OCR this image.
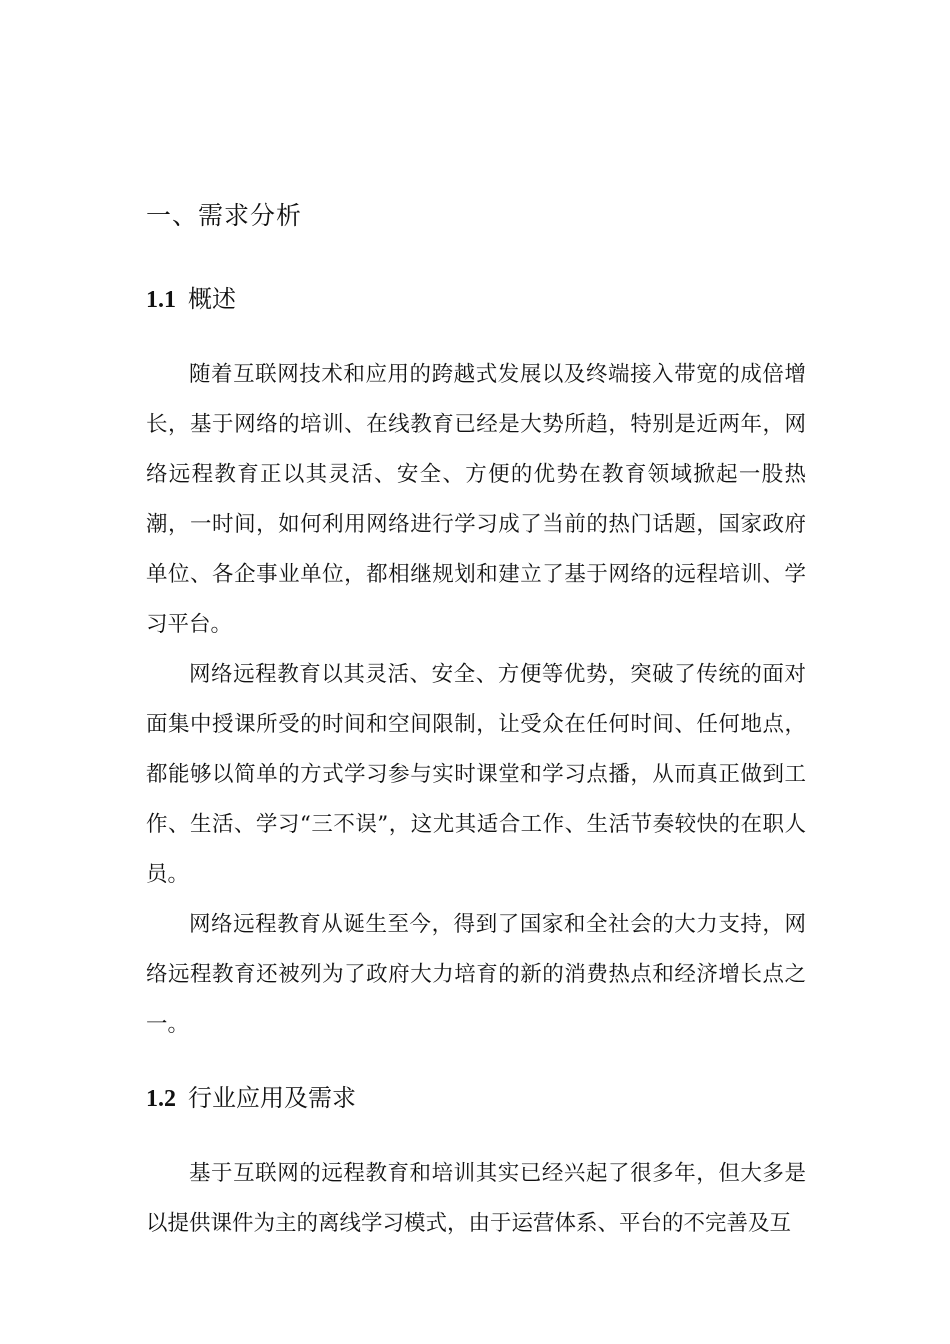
一、需求分析
1.1 概述

随着互联网技术和应用的跨越式发展以及终端接入带宽的成倍增长，基于网络的培训、在线教育已经是大势所趋，特别是近两年，网络远程教育正以其灵活、安全、方便的优势在教育领域掀起一股热潮，一时间，如何利用网络进行学习成了当前的热门话题，国家政府单位、各企事业单位，都相继规划和建立了基于网络的远程培训、学习平台。

网络远程教育以其灵活、安全、方便等优势，突破了传统的面对面集中授课所受的时间和空间限制，让受众在任何时间、任何地点，都能够以简单的方式学习参与实时课堂和学习点播，从而真正做到工作、生活、学习“三不误”，这尤其适合工作、生活节奏较快的在职人员。

网络远程教育从诞生至今，得到了国家和全社会的大力支持，网络远程教育还被列为了政府大力培育的新的消费热点和经济增长点之一。

1.2 行业应用及需求

基于互联网的远程教育和培训其实已经兴起了很多年，但大多是以提供课件为主的离线学习模式，由于运营体系、平台的不完善及互
